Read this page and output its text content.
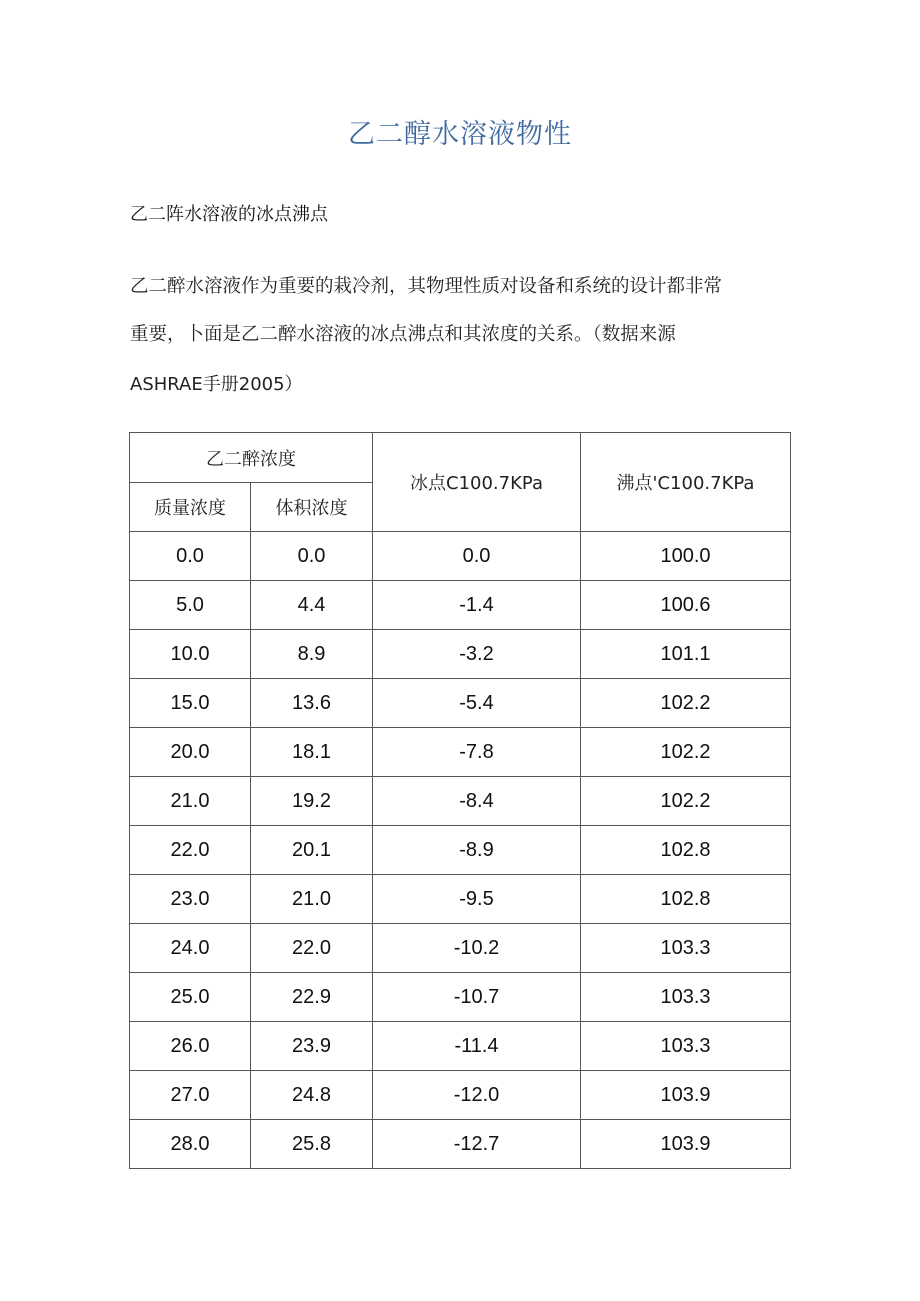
乙二醇水溶液物性
乙二阵水溶液的冰点沸点
乙二醉水溶液作为重要的栽冷剂，其物理性质对设备和系统的设计都非常
重要，卜面是乙二醉水溶液的冰点沸点和其浓度的关系。（数据来源
ASHRAE手册2005）
乙二醉浓度		冰点C100.7KPa	沸点'C100.7KPa
质量浓度	体积浓度		
0.0	0.0	0.0	100.0
5.0	4.4	-1.4	100.6
10.0	8.9	-3.2	101.1
15.0	13.6	-5.4	102.2
20.0	18.1	-7.8	102.2
21.0	19.2	-8.4	102.2
22.0	20.1	-8.9	102.8
23.0	21.0	-9.5	102.8
24.0	22.0	-10.2	103.3
25.0	22.9	-10.7	103.3
26.0	23.9	-11.4	103.3
27.0	24.8	-12.0	103.9
28.0	25.8	-12.7	103.9
